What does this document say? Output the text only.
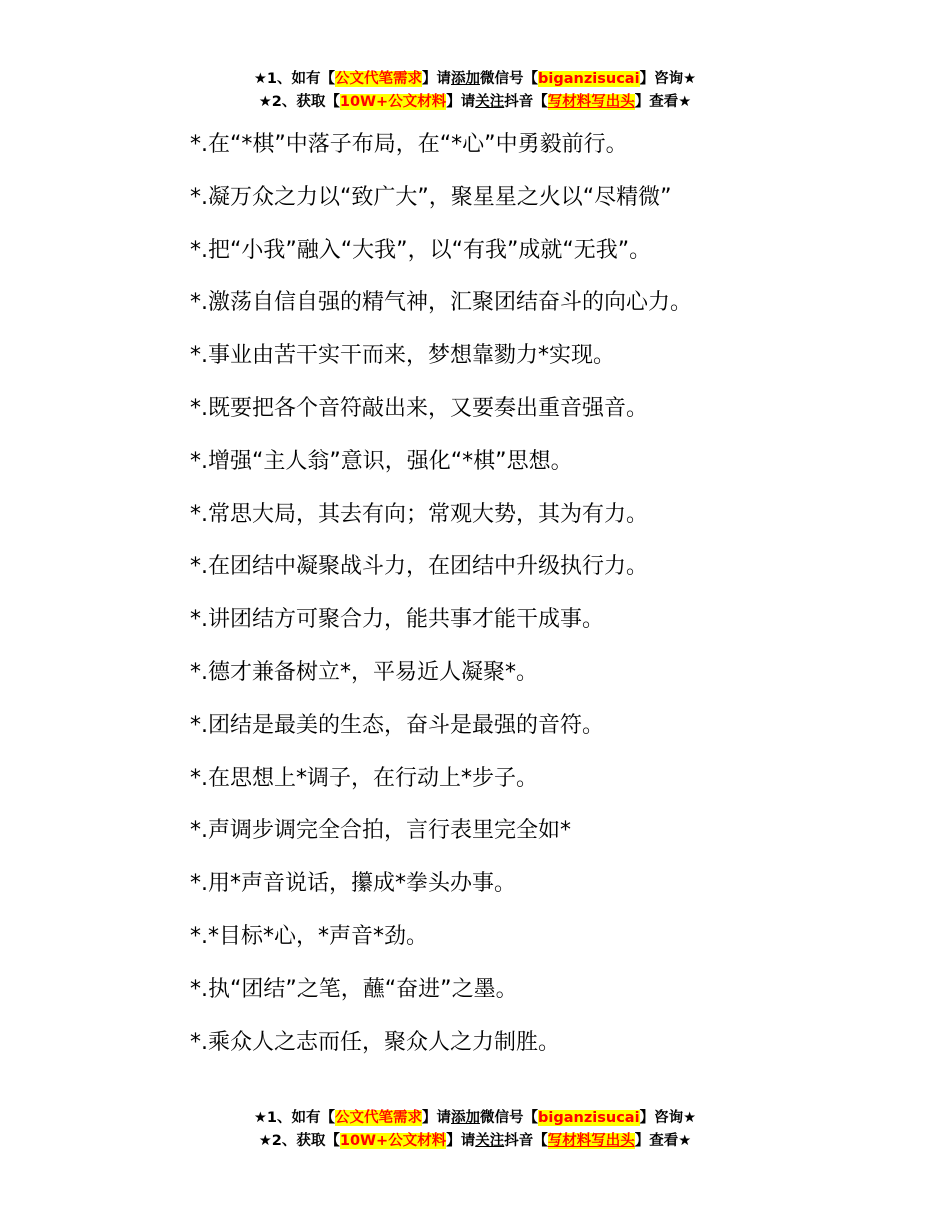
★1、如有【公文代笔需求】请添加微信号【biganzisucai】咨询★
★2、获取【10W+公文材料】请关注抖音【写材料写出头】查看★
*.在“*棋”中落子布局，在“*心”中勇毅前行。
*.凝万众之力以“致广大”，聚星星之火以“尽精微”
*.把“小我”融入“大我”，以“有我”成就“无我”。
*.激荡自信自强的精气神，汇聚团结奋斗的向心力。
*.事业由苦干实干而来，梦想靠勠力*实现。
*.既要把各个音符敲出来，又要奏出重音强音。
*.增强“主人翁”意识，强化“*棋”思想。
*.常思大局，其去有向；常观大势，其为有力。
*.在团结中凝聚战斗力，在团结中升级执行力。
*.讲团结方可聚合力，能共事才能干成事。
*.德才兼备树立*，平易近人凝聚*。
*.团结是最美的生态，奋斗是最强的音符。
*.在思想上*调子，在行动上*步子。
*.声调步调完全合拍，言行表里完全如*
*.用*声音说话，攥成*拳头办事。
*.*目标*心，*声音*劲。
*.执“团结”之笔，蘸“奋进”之墨。
*.乘众人之志而任，聚众人之力制胜。
★1、如有【公文代笔需求】请添加微信号【biganzisucai】咨询★
★2、获取【10W+公文材料】请关注抖音【写材料写出头】查看★
